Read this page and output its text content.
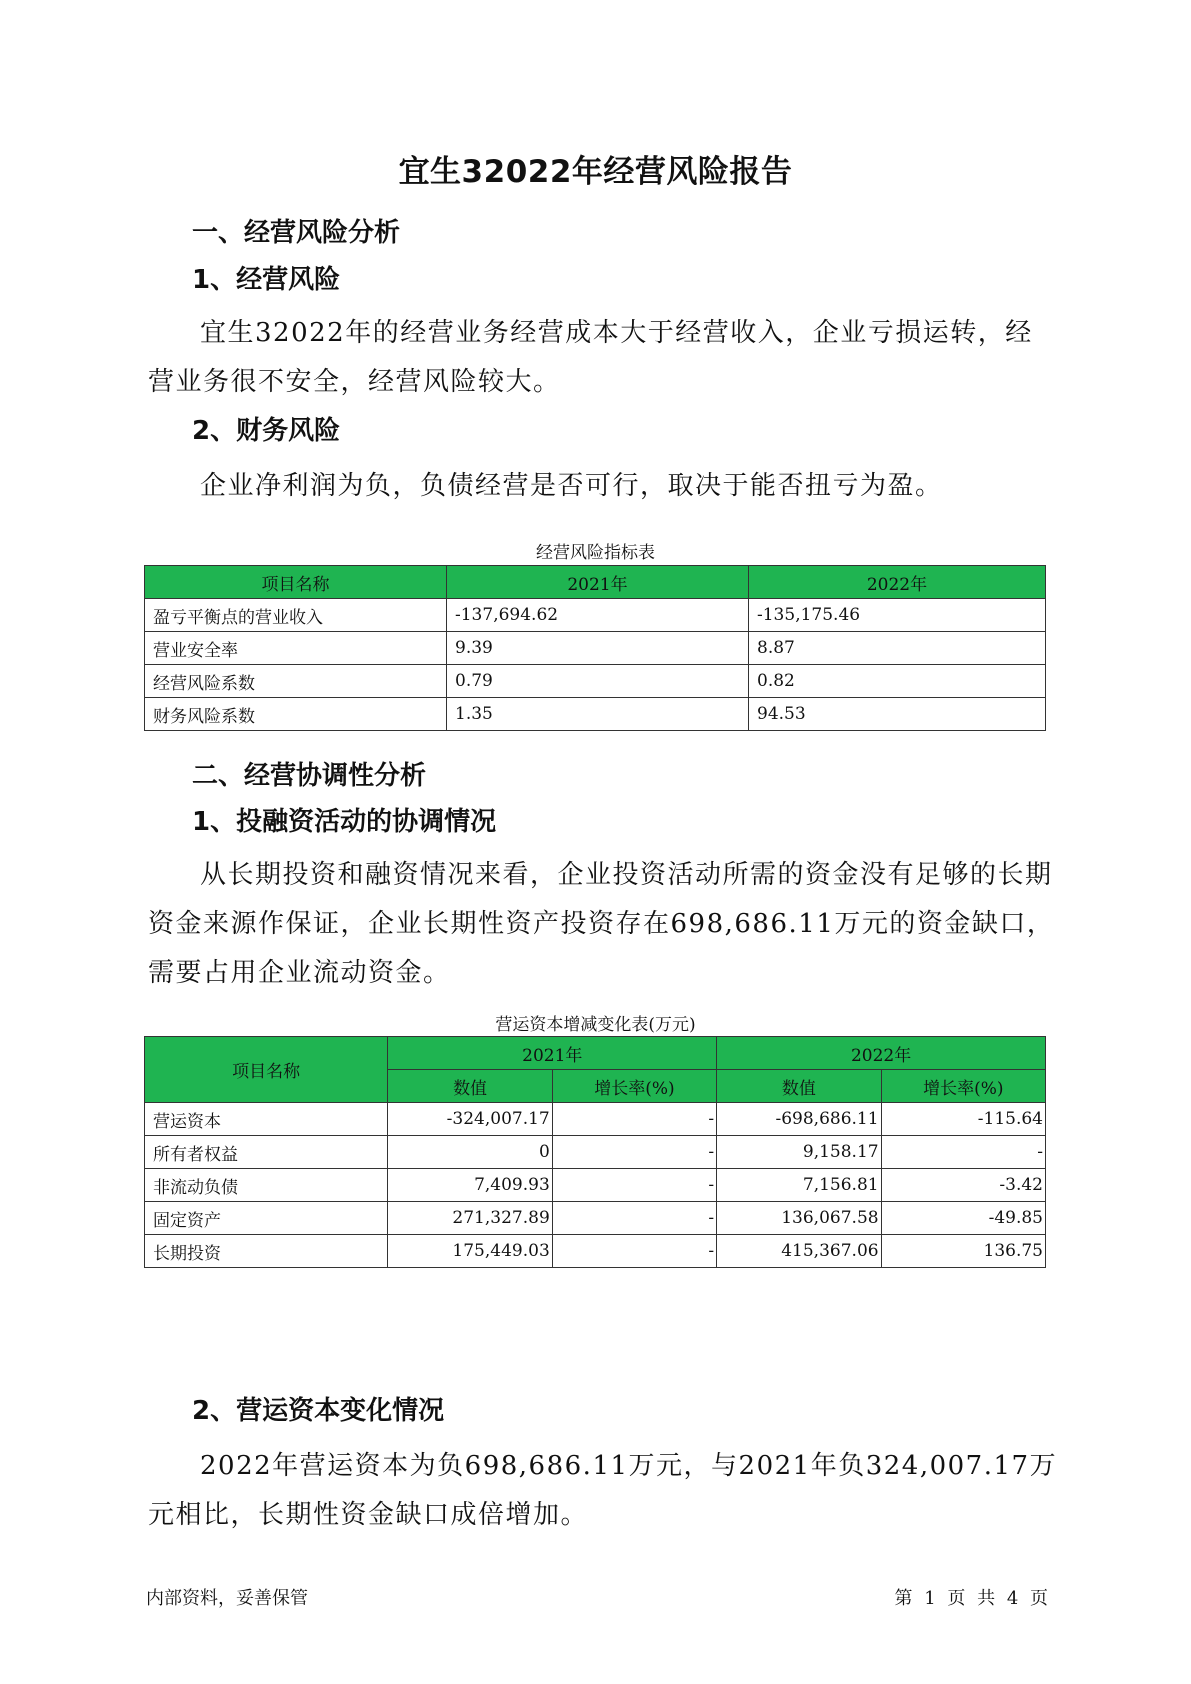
宜生32022年经营风险报告
一、经营风险分析
1、经营风险
宜生32022年的经营业务经营成本大于经营收入，企业亏损运转，经营业务很不安全，经营风险较大。
2、财务风险
企业净利润为负，负债经营是否可行，取决于能否扭亏为盈。
经营风险指标表
项目名称	2021年	2022年
盈亏平衡点的营业收入	-137,694.62	-135,175.46
营业安全率	9.39	8.87
经营风险系数	0.79	0.82
财务风险系数	1.35	94.53
二、经营协调性分析
1、投融资活动的协调情况
从长期投资和融资情况来看，企业投资活动所需的资金没有足够的长期资金来源作保证，企业长期性资产投资存在698,686.11万元的资金缺口，需要占用企业流动资金。
营运资本增减变化表(万元)
项目名称	2021年		2022年	
	数值	增长率(%)	数值	增长率(%)
营运资本	-324,007.17	-	-698,686.11	-115.64
所有者权益	0	-	9,158.17	-
非流动负债	7,409.93	-	7,156.81	-3.42
固定资产	271,327.89	-	136,067.58	-49.85
长期投资	175,449.03	-	415,367.06	136.75
2、营运资本变化情况
2022年营运资本为负698,686.11万元，与2021年负324,007.17万元相比，长期性资金缺口成倍增加。
内部资料，妥善保管	第 1 页 共 4 页
